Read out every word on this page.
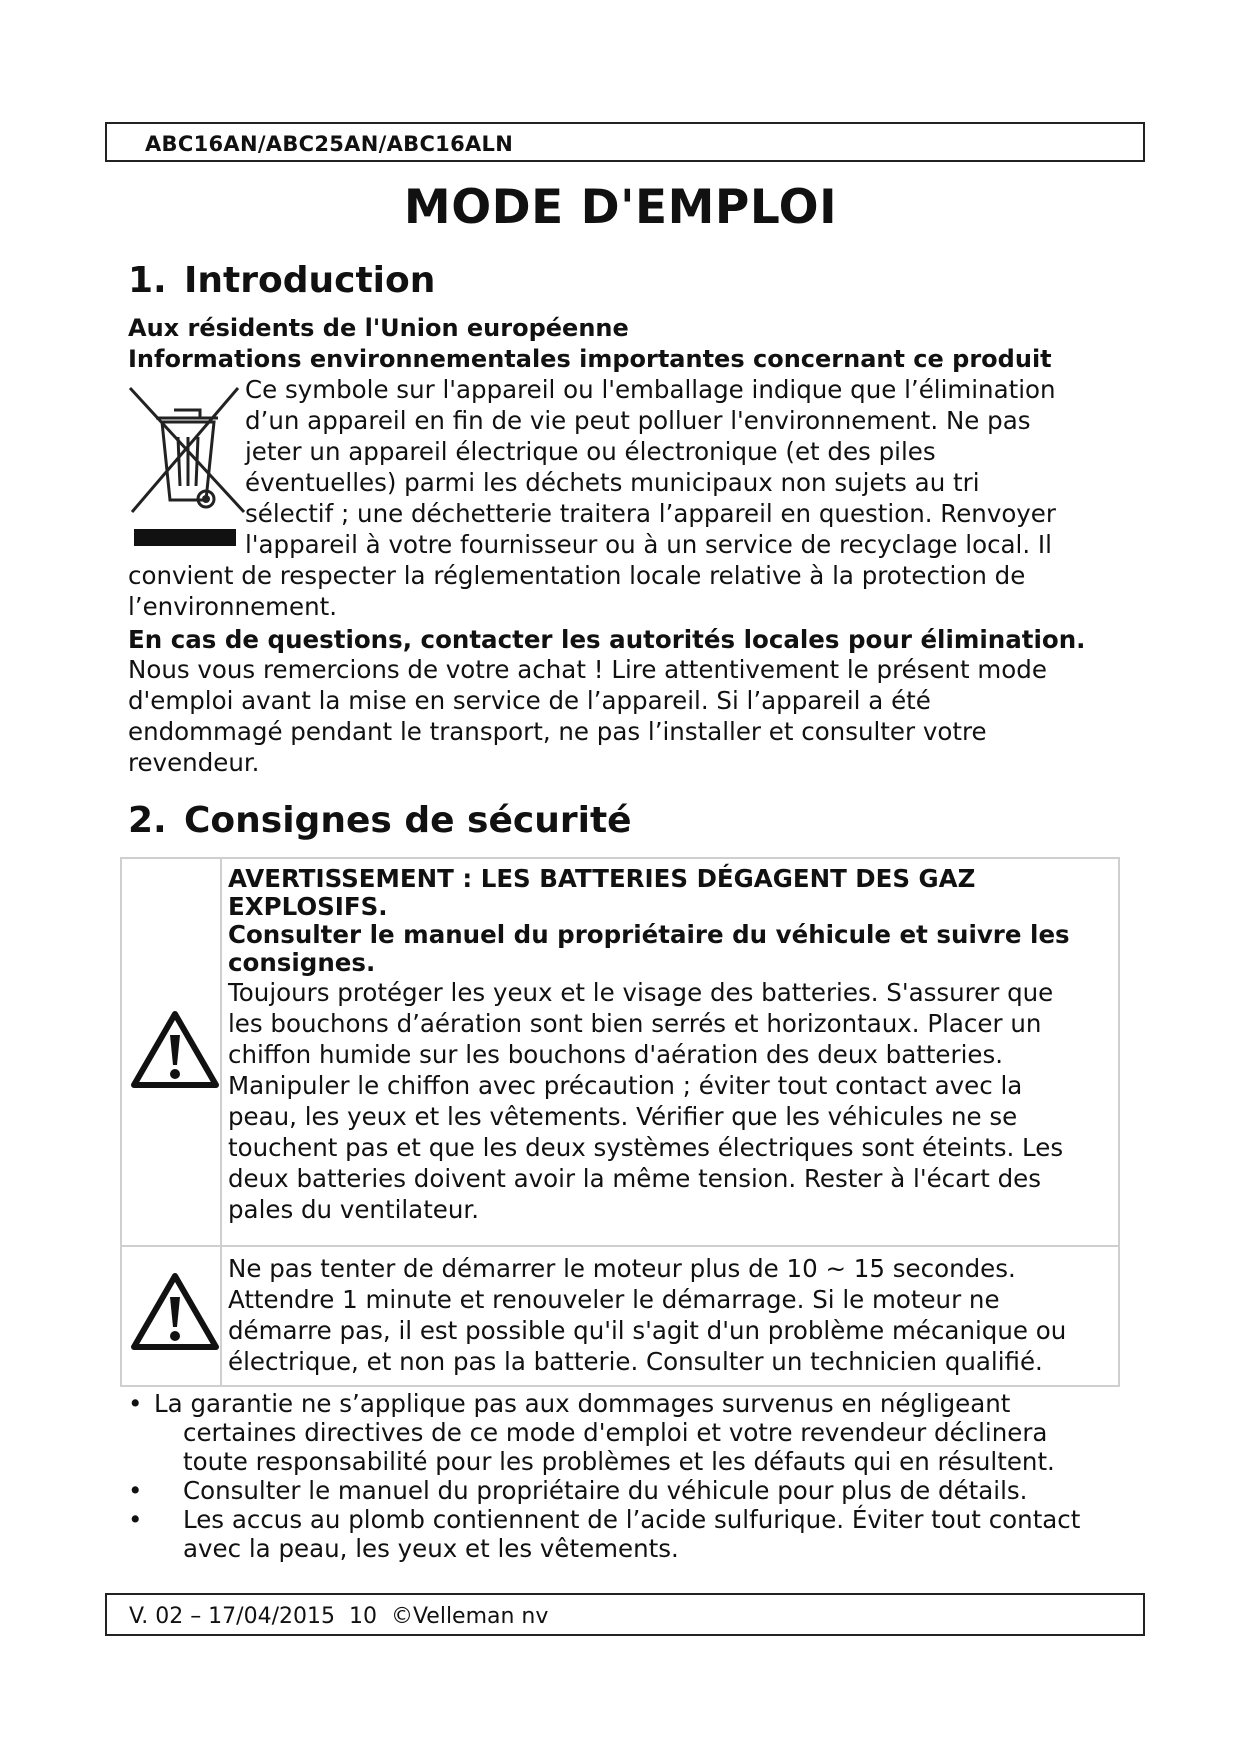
ABC16AN/ABC25AN/ABC16ALN
MODE D'EMPLOI
1. Introduction
Aux résidents de l'Union européenne
Informations environnementales importantes concernant ce produit
Ce symbole sur l'appareil ou l'emballage indique que l’élimination
d’un appareil en fin de vie peut polluer l'environnement. Ne pas
jeter un appareil électrique ou électronique (et des piles
éventuelles) parmi les déchets municipaux non sujets au tri
sélectif ; une déchetterie traitera l’appareil en question. Renvoyer
l'appareil à votre fournisseur ou à un service de recyclage local. Il
convient de respecter la réglementation locale relative à la protection de
l’environnement.
En cas de questions, contacter les autorités locales pour élimination.
Nous vous remercions de votre achat ! Lire attentivement le présent mode
d'emploi avant la mise en service de l’appareil. Si l’appareil a été
endommagé pendant le transport, ne pas l’installer et consulter votre
revendeur.
2. Consignes de sécurité
AVERTISSEMENT : LES BATTERIES DÉGAGENT DES GAZ
EXPLOSIFS.
Consulter le manuel du propriétaire du véhicule et suivre les
consignes.
Toujours protéger les yeux et le visage des batteries. S'assurer que
les bouchons d’aération sont bien serrés et horizontaux. Placer un
chiffon humide sur les bouchons d'aération des deux batteries.
Manipuler le chiffon avec précaution ; éviter tout contact avec la
peau, les yeux et les vêtements. Vérifier que les véhicules ne se
touchent pas et que les deux systèmes électriques sont éteints. Les
deux batteries doivent avoir la même tension. Rester à l'écart des
pales du ventilateur.
Ne pas tenter de démarrer le moteur plus de 10 ~ 15 secondes.
Attendre 1 minute et renouveler le démarrage. Si le moteur ne
démarre pas, il est possible qu'il s'agit d'un problème mécanique ou
électrique, et non pas la batterie. Consulter un technicien qualifié.
• La garantie ne s’applique pas aux dommages survenus en négligeant
certaines directives de ce mode d'emploi et votre revendeur déclinera
toute responsabilité pour les problèmes et les défauts qui en résultent.
•	Consulter le manuel du propriétaire du véhicule pour plus de détails.
•	Les accus au plomb contiennent de l’acide sulfurique. Éviter tout contact
avec la peau, les yeux et les vêtements.
V. 02 – 17/04/2015  10  ©Velleman nv
